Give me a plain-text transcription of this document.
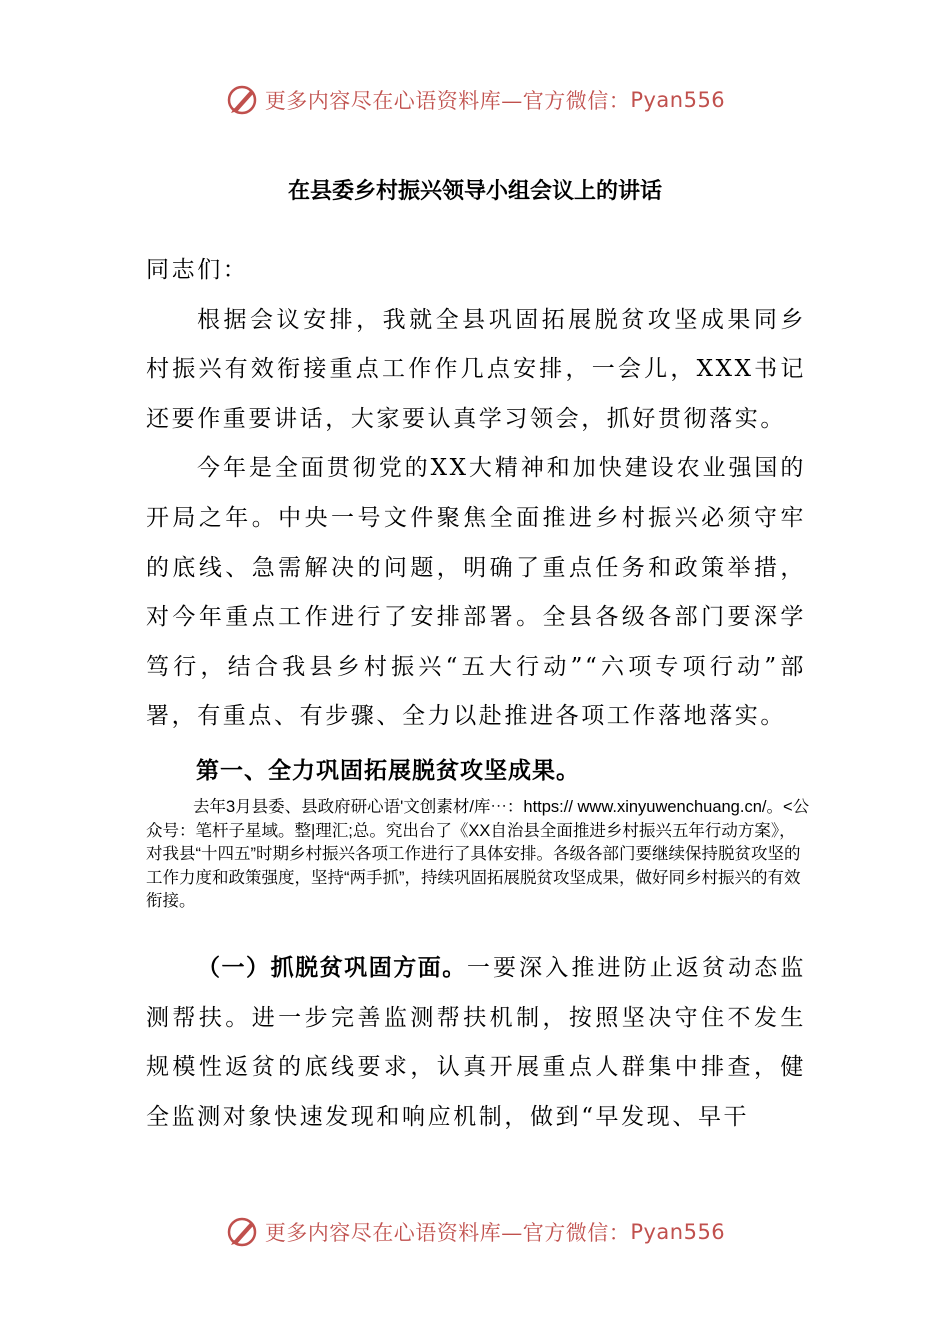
更多内容尽在心语资料库—官方微信： Pyan556
在县委乡村振兴领导小组会议上的讲话

同志们：

根据会议安排，我就全县巩固拓展脱贫攻坚成果同乡村振兴有效衔接重点工作作几点安排，一会儿，XXX书记还要作重要讲话，大家要认真学习领会，抓好贯彻落实。

今年是全面贯彻党的XX大精神和加快建设农业强国的开局之年。中央一号文件聚焦全面推进乡村振兴必须守牢的底线、急需解决的问题，明确了重点任务和政策举措，对今年重点工作进行了安排部署。全县各级各部门要深学笃行，结合我县乡村振兴“五大行动”“六项专项行动”部署，有重点、有步骤、全力以赴推进各项工作落地落实。

第一、全力巩固拓展脱贫攻坚成果。

去年3月县委、县政府研心语'文创素材/库⋯：https:// www.xinyuwenchuang.cn/。<公众号：笔杆子星域。整|理汇;总。究出台了《XX自治县全面推进乡村振兴五年行动方案》，对我县“十四五”时期乡村振兴各项工作进行了具体安排。各级各部门要继续保持脱贫攻坚的工作力度和政策强度，坚持“两手抓”，持续巩固拓展脱贫攻坚成果，做好同乡村振兴的有效衔接。

（一）抓脱贫巩固方面。一要深入推进防止返贫动态监测帮扶。进一步完善监测帮扶机制，按照坚决守住不发生规模性返贫的底线要求，认真开展重点人群集中排查，健全监测对象快速发现和响应机制，做到“早发现、早干

更多内容尽在心语资料库—官方微信： Pyan556
